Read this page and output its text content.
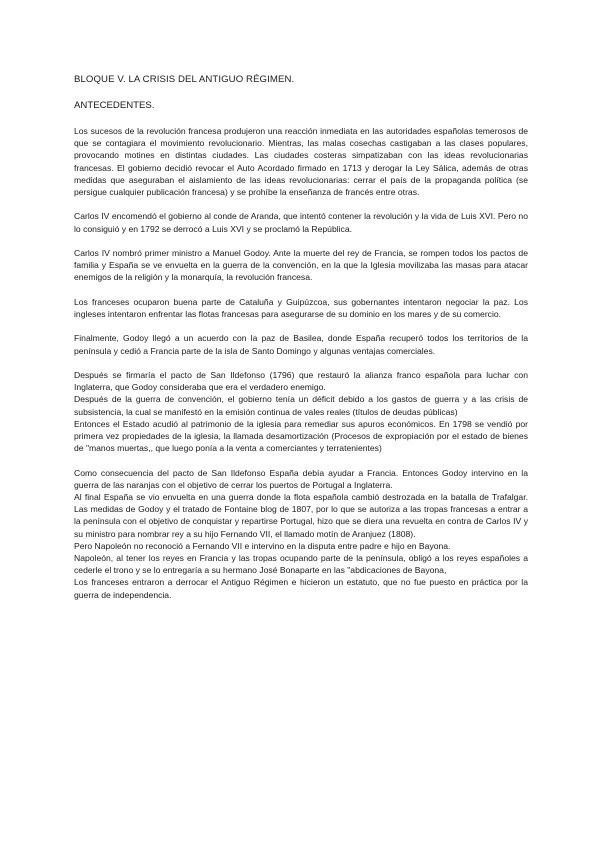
BLOQUE V. LA CRISIS DEL ANTIGUO RÉGIMEN.
ANTECEDENTES.

Los sucesos de la revolución francesa produjeron una reacción inmediata en las autoridades españolas temerosos de que se contagiara el movimiento revolucionario. Mientras, las malas cosechas castigaban a las clases populares, provocando motines en distintas ciudades. Las ciudades costeras simpatizaban con las ideas revolucionarias francesas. El gobierno decidió revocar el Auto Acordado firmado en 1713 y derogar la Ley Sálica, además de otras medidas que aseguraban el aislamiento de las ideas revolucionarias: cerrar el país de la propaganda política (se persigue cualquier publicación francesa) y se prohíbe la enseñanza de francés entre otras.

Carlos IV encomendó el gobierno al conde de Aranda, que intentó contener la revolución y la vida de Luis XVI. Pero no lo consiguió y en 1792 se derrocó a Luis XVI y se proclamó la República.

Carlos IV nombró primer ministro a Manuel Godoy. Ante la muerte del rey de Francia, se rompen todos los pactos de familia y España se ve envuelta en la guerra de la convención, en la que la Iglesia movilizaba las masas para atacar enemigos de la religión y la monarquía, la revolución francesa.

Los franceses ocuparon buena parte de Cataluña y Guipúzcoa, sus gobernantes intentaron negociar la paz. Los ingleses intentaron enfrentar las flotas francesas para asegurarse de su dominio en los mares y de su comercio.

Finalmente, Godoy llegó a un acuerdo con la paz de Basilea, donde España recuperó todos los territorios de la península y cedió a Francia parte de la isla de Santo Domingo y algunas ventajas comerciales.

Después se firmaría el pacto de San Ildefonso (1796) que restauró la alianza franco española para luchar con Inglaterra, que Godoy consideraba que era el verdadero enemigo.

Después de la guerra de convención, el gobierno tenía un déficit debido a los gastos de guerra y a las crisis de subsistencia, la cual se manifestó en la emisión continua de vales reales (títulos de deudas públicas)

Entonces el Estado acudió al patrimonio de la iglesia para remediar sus apuros económicos. En 1798 se vendió por primera vez propiedades de la iglesia, la llamada desamortización (Procesos de expropiación por el estado de bienes de "manos muertas,, que luego ponía a la venta a comerciantes y terratenientes)

Como consecuencia del pacto de San Ildefonso España debía ayudar a Francia. Entonces Godoy intervino en la guerra de las naranjas con el objetivo de cerrar los puertos de Portugal a Inglaterra.

Al final España se vio envuelta en una guerra donde la flota española cambió destrozada en la batalla de Trafalgar. Las medidas de Godoy y el tratado de Fontaine blog de 1807, por lo que se autoriza a las tropas francesas a entrar a la península con el objetivo de conquistar y repartirse Portugal, hizo que se diera una revuelta en contra de Carlos IV y su ministro para nombrar rey a su hijo Fernando VII, el llamado motín de Aranjuez (1808).

Pero Napoleón no reconoció a Fernando VII e intervino en la disputa entre padre e hijo en Bayona.

Napoleón, al tener los reyes en Francia y las tropas ocupando parte de la península, obligó a los reyes españoles a cederle el trono y se lo entregaría a su hermano José Bonaparte en las "abdicaciones de Bayona,

Los franceses entraron a derrocar el Antiguo Régimen e hicieron un estatuto, que no fue puesto en práctica por la guerra de independencia.
